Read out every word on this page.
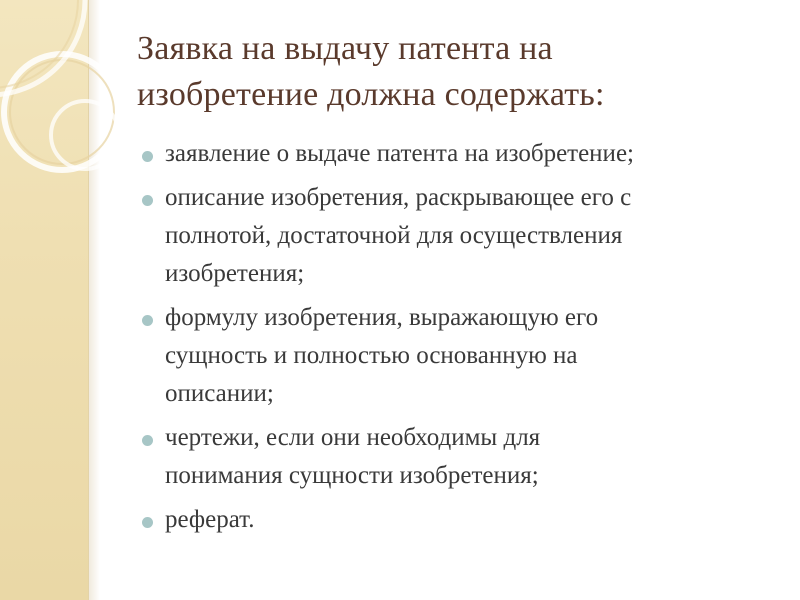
Заявка на выдачу патента на
изобретение должна содержать:
заявление о выдаче патента на изобретение;
описание изобретения, раскрывающее его с
полнотой, достаточной для осуществления
изобретения;
формулу изобретения, выражающую его
сущность и полностью основанную на
описании;
чертежи, если они необходимы для
понимания сущности изобретения;
реферат.
